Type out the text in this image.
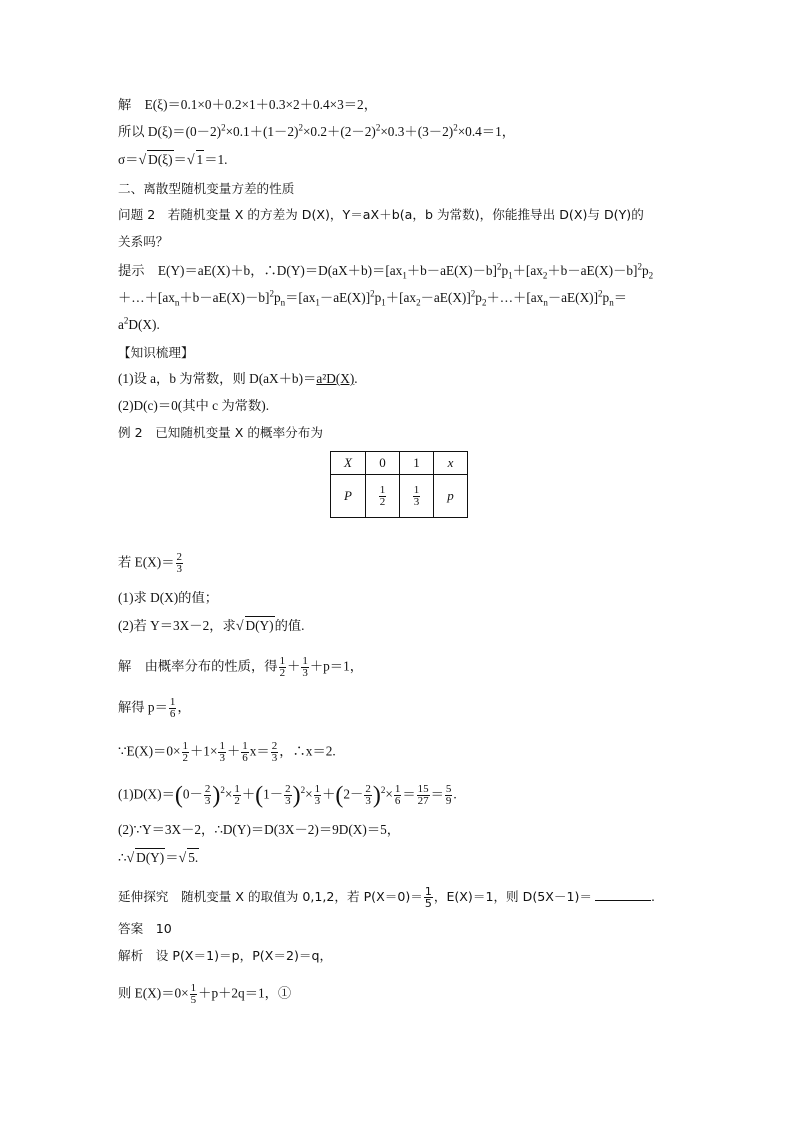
解　E(ξ)＝0.1×0＋0.2×1＋0.3×2＋0.4×3＝2，
所以 $D(\xi)=(0-2)^2\times 0.1+(1-2)^2\times 0.2+(2-2)^2\times 0.3+(3-2)^2\times 0.4=1$，
σ＝√ D(ξ)＝√ 1＝1.
二、离散型随机变量方差的性质
问题 2　若随机变量 X 的方差为 D(X)，Y＝aX＋b(a，b 为常数)，你能推导出 D(X)与 D(Y)的
关系吗？
提示　E(Y)＝aE(X)＋b，$\therefore D(Y)=D(aX+b)=[ax_1+b-aE(X)-b]^2p_1+[ax_2+b-aE(X)-b]^2p_2$
$+\dots+[ax_n+b-aE(X)-b]^2p_n=[ax_1-aE(X)]^2p_1+[ax_2-aE(X)]^2p_2+\dots+[ax_n-aE(X)]^2p_n=$
$a^2D(X)$.
【知识梳理】
(1)设 a，b 为常数，则 D(aX＋b)＝a²D(X).
(2)D(c)＝0(其中 c 为常数).
例 2　已知随机变量 X 的概率分布为
X	0	1	x
P	$\frac{1}{2}$	$\frac{1}{3}$	p
若 $E(X)= \frac{2}{3}$
(1)求 D(X)的值；
(2)若 Y＝3X－2，求√ D(Y)的值.
解　由概率分布的性质，得 $\frac{1}{2} + \frac{1}{3} +p=1$，
解得 $p= \frac{1}{6}$ ，
∵E(X)＝0× $\frac{1}{2} +1\times \frac{1}{3} + \frac{1}{6} x= \frac{2}{3}$ ，∴x＝2.
$(1)D(X)=(0- \frac{2}{3} )^2\times \frac{1}{2} +(1- \frac{2}{3} )^2\times \frac{1}{3} +(2- \frac{2}{3} )^2\times \frac{1}{6} = \frac{15}{27} = \frac{5}{9}$ .
(2)∵Y＝3X－2，∴D(Y)＝D(3X－2)＝9D(X)＝5，
∴√ D(Y)＝√ 5.
延伸探究　随机变量 X 的取值为 0,1,2，若 $P(X=0)= \frac{1}{5}$ ，E(X)＝1，则 D(5X－1)＝	.
答案　10
解析　设 P(X＝1)＝p，P(X＝2)＝q，
则 $E(X)=0\times \frac{1}{5} +p+2q=1$，①
